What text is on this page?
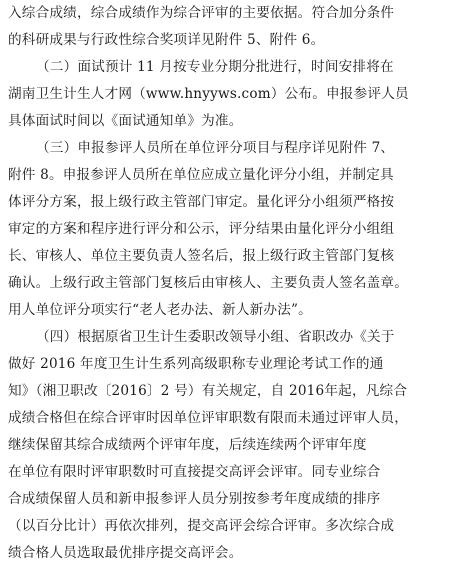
入综合成绩，综合成绩作为综合评审的主要依据。符合加分条件
的科研成果与行政性综合奖项详见附件 5、附件 6。

（二）面试预计 11 月按专业分期分批进行，时间安排将在
湖南卫生计生人才网（www.hnyyws.com）公布。申报参评人员
具体面试时间以《面试通知单》为准。

（三）申报参评人员所在单位评分项目与程序详见附件 7、
附件 8。申报参评人员所在单位应成立量化评分小组，并制定具
体评分方案，报上级行政主管部门审定。量化评分小组须严格按
审定的方案和程序进行评分和公示，评分结果由量化评分小组组
长、审核人、单位主要负责人签名后，报上级行政主管部门复核
确认。上级行政主管部门复核后由审核人、主要负责人签名盖章。
用人单位评分项实行“老人老办法、新人新办法”。

（四）根据原省卫生计生委职改领导小组、省职改办《关于
做好 2016 年度卫生计生系列高级职称专业理论考试工作的通
知》（湘卫职改〔2016〕2 号）有关规定，自 2016年起，凡综合
成绩合格但在综合评审时因单位评审职数有限而未通过评审人员，
继续保留其综合成绩两个评审年度，后续连续两个评审年度
在单位有限时评审职数时可直接提交高评会评审。同专业综合
合成绩保留人员和新申报参评人员分别按参考年度成绩的排序
（以百分比计）再依次排列，提交高评会综合评审。多次综合成
绩合格人员选取最优排序提交高评会。
